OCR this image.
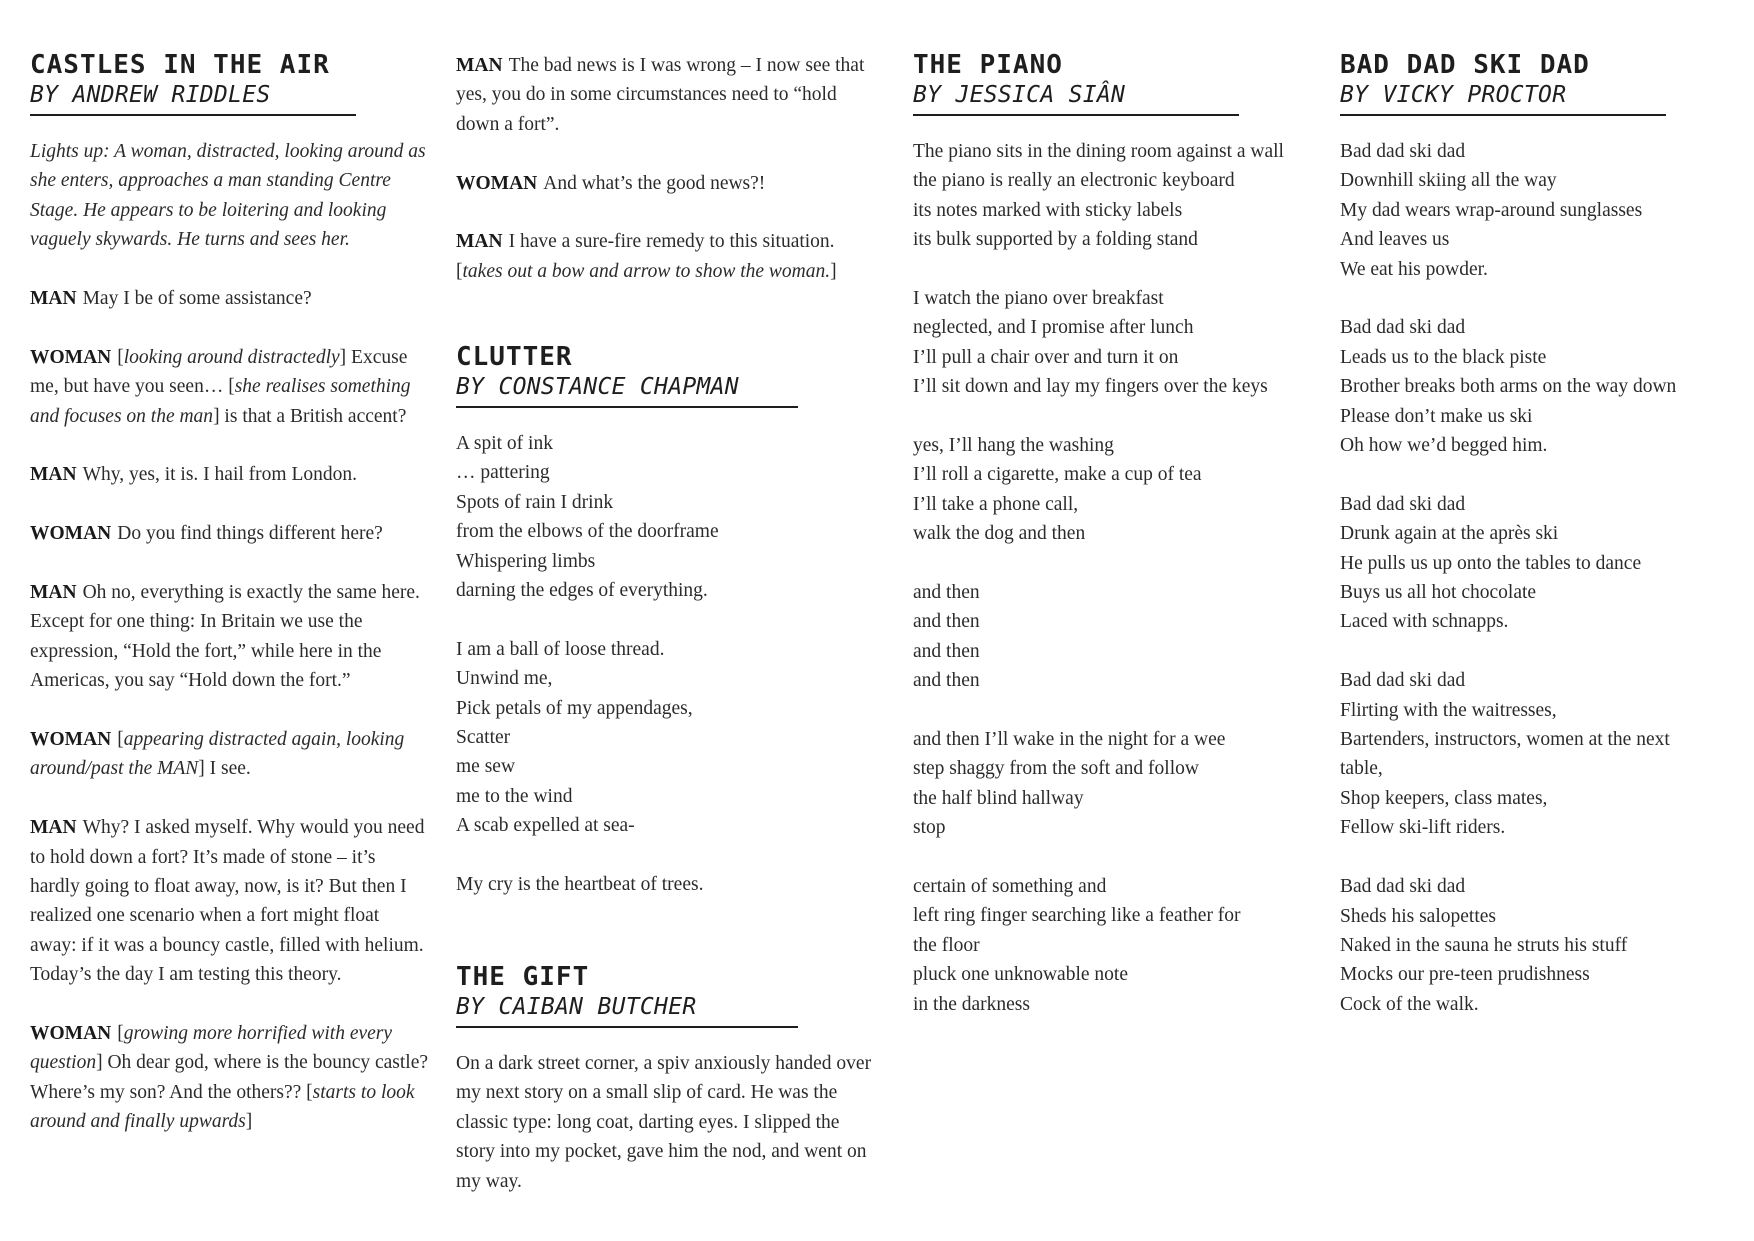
CASTLES IN THE AIR
BY ANDREW RIDDLES

Lights up: A woman, distracted, looking around as she enters, approaches a man standing Centre Stage. He appears to be loitering and looking vaguely skywards. He turns and sees her.

MAN May I be of some assistance?

WOMAN [looking around distractedly] Excuse me, but have you seen… [she realises something and focuses on the man] is that a British accent?

MAN Why, yes, it is. I hail from London.

WOMAN Do you find things different here?

MAN Oh no, everything is exactly the same here. Except for one thing: In Britain we use the expression, “Hold the fort,” while here in the Americas, you say “Hold down the fort.”

WOMAN [appearing distracted again, looking around/past the MAN] I see.

MAN Why? I asked myself. Why would you need to hold down a fort? It’s made of stone – it’s hardly going to float away, now, is it? But then I realized one scenario when a fort might float away: if it was a bouncy castle, filled with helium. Today’s the day I am testing this theory.

WOMAN [growing more horrified with every question] Oh dear god, where is the bouncy castle? Where’s my son? And the others?? [starts to look around and finally upwards]

MAN The bad news is I was wrong – I now see that yes, you do in some circumstances need to “hold down a fort”.

WOMAN And what’s the good news?!

MAN I have a sure-fire remedy to this situation. [takes out a bow and arrow to show the woman.]

CLUTTER
BY CONSTANCE CHAPMAN
A spit of ink
… pattering
Spots of rain I drink
from the elbows of the doorframe
Whispering limbs
darning the edges of everything.
I am a ball of loose thread.
Unwind me,
Pick petals of my appendages,
Scatter
me sew
me to the wind
A scab expelled at sea-
My cry is the heartbeat of trees.
THE GIFT
BY CAIBAN BUTCHER

On a dark street corner, a spiv anxiously handed over my next story on a small slip of card. He was the classic type: long coat, darting eyes. I slipped the story into my pocket, gave him the nod, and went on my way.

THE PIANO
BY JESSICA SIÂN
The piano sits in the dining room against a wall
the piano is really an electronic keyboard
its notes marked with sticky labels
its bulk supported by a folding stand
I watch the piano over breakfast
neglected, and I promise after lunch
I’ll pull a chair over and turn it on
I’ll sit down and lay my fingers over the keys
yes, I’ll hang the washing
I’ll roll a cigarette, make a cup of tea
I’ll take a phone call,
walk the dog and then
and then
and then
and then
and then
and then I’ll wake in the night for a wee
step shaggy from the soft and follow
the half blind hallway
stop
certain of something and
left ring finger searching like a feather for
the floor
pluck one unknowable note
in the darkness
BAD DAD SKI DAD
BY VICKY PROCTOR
Bad dad ski dad
Downhill skiing all the way
My dad wears wrap-around sunglasses
And leaves us
We eat his powder.
Bad dad ski dad
Leads us to the black piste
Brother breaks both arms on the way down
Please don’t make us ski
Oh how we’d begged him.
Bad dad ski dad
Drunk again at the après ski
He pulls us up onto the tables to dance
Buys us all hot chocolate
Laced with schnapps.
Bad dad ski dad
Flirting with the waitresses,
Bartenders, instructors, women at the next
table,
Shop keepers, class mates,
Fellow ski-lift riders.
Bad dad ski dad
Sheds his salopettes
Naked in the sauna he struts his stuff
Mocks our pre-teen prudishness
Cock of the walk.
